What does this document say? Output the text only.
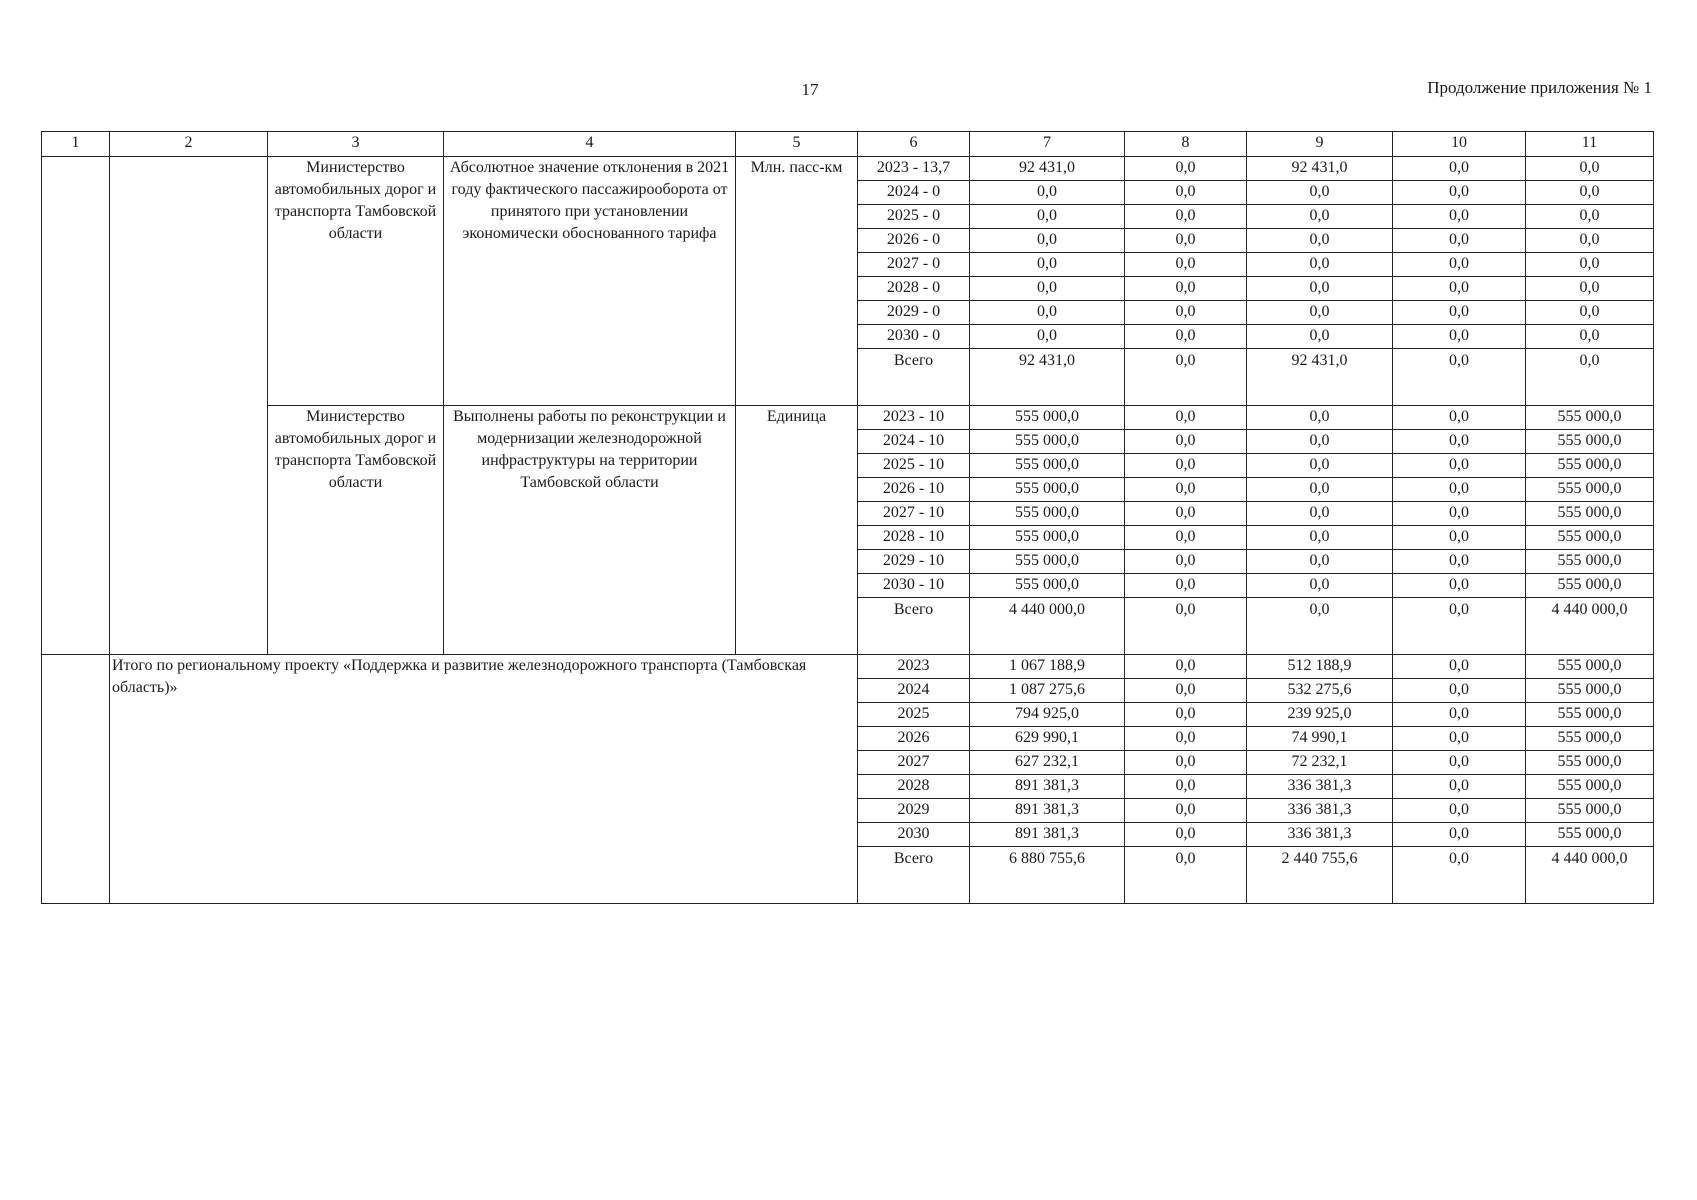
17	Продолжение приложения № 1
1	2	3	4	5	6	7	8	9	10	11
		Министерство автомобильных дорог и транспорта Тамбовской области	Абсолютное значение отклонения в 2021 году фактического пассажирооборота от принятого при установлении экономически обоснованного тарифа	Млн. пасс-км	2023 - 13,7	92 431,0	0,0	92 431,0	0,0	0,0
					2024 - 0	0,0	0,0	0,0	0,0	0,0
					2025 - 0	0,0	0,0	0,0	0,0	0,0
					2026 - 0	0,0	0,0	0,0	0,0	0,0
					2027 - 0	0,0	0,0	0,0	0,0	0,0
					2028 - 0	0,0	0,0	0,0	0,0	0,0
					2029 - 0	0,0	0,0	0,0	0,0	0,0
					2030 - 0	0,0	0,0	0,0	0,0	0,0
					Всего	92 431,0	0,0	92 431,0	0,0	0,0
		Министерство автомобильных дорог и транспорта Тамбовской области	Выполнены работы по реконструкции и модернизации железнодорожной инфраструктуры на территории Тамбовской области	Единица	2023 - 10	555 000,0	0,0	0,0	0,0	555 000,0
					2024 - 10	555 000,0	0,0	0,0	0,0	555 000,0
					2025 - 10	555 000,0	0,0	0,0	0,0	555 000,0
					2026 - 10	555 000,0	0,0	0,0	0,0	555 000,0
					2027 - 10	555 000,0	0,0	0,0	0,0	555 000,0
					2028 - 10	555 000,0	0,0	0,0	0,0	555 000,0
					2029 - 10	555 000,0	0,0	0,0	0,0	555 000,0
					2030 - 10	555 000,0	0,0	0,0	0,0	555 000,0
					Всего	4 440 000,0	0,0	0,0	0,0	4 440 000,0
	Итого по региональному проекту «Поддержка и развитие железнодорожного транспорта (Тамбовская область)»				2023	1 067 188,9	0,0	512 188,9	0,0	555 000,0
					2024	1 087 275,6	0,0	532 275,6	0,0	555 000,0
					2025	794 925,0	0,0	239 925,0	0,0	555 000,0
					2026	629 990,1	0,0	74 990,1	0,0	555 000,0
					2027	627 232,1	0,0	72 232,1	0,0	555 000,0
					2028	891 381,3	0,0	336 381,3	0,0	555 000,0
					2029	891 381,3	0,0	336 381,3	0,0	555 000,0
					2030	891 381,3	0,0	336 381,3	0,0	555 000,0
					Всего	6 880 755,6	0,0	2 440 755,6	0,0	4 440 000,0
